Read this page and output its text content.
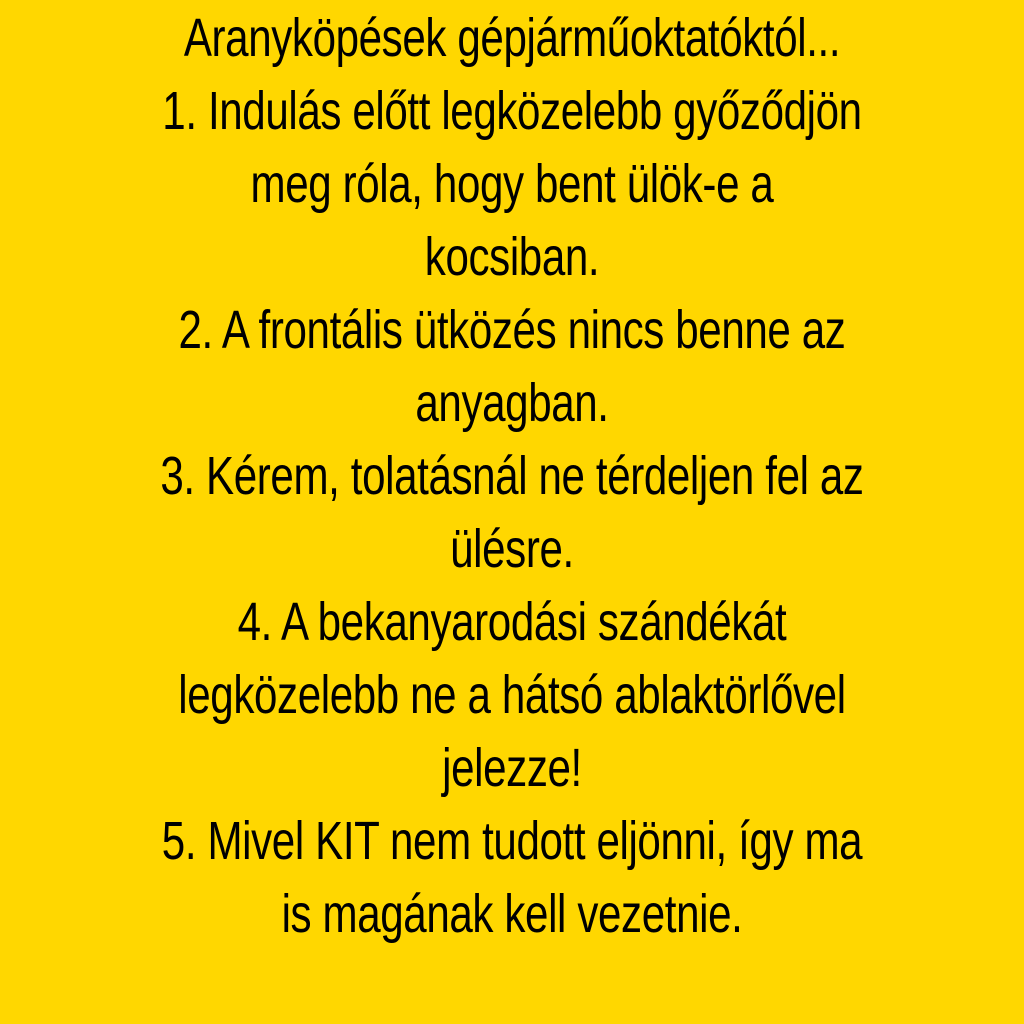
Aranyköpések gépjárműoktatóktól...
1. Indulás előtt legközelebb győződjön
meg róla, hogy bent ülök-e a
kocsiban.
2. A frontális ütközés nincs benne az
anyagban.
3. Kérem, tolatásnál ne térdeljen fel az
ülésre.
4. A bekanyarodási szándékát
legközelebb ne a hátsó ablaktörlővel
jelezze!
5. Mivel KIT nem tudott eljönni, így ma
is magának kell vezetnie.
